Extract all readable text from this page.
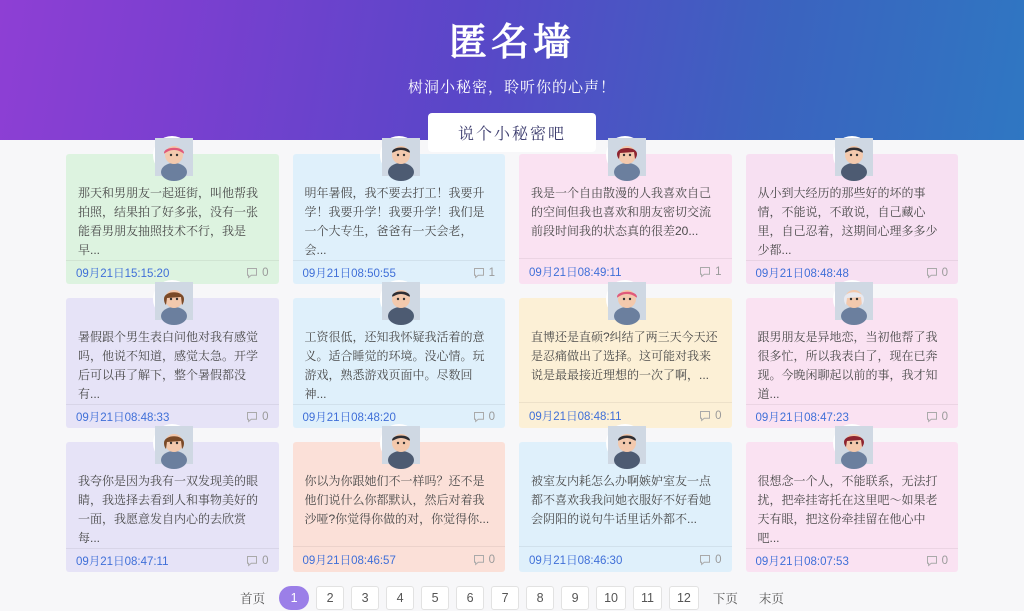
匿名墙
树洞小秘密，聆听你的心声！
说个小秘密吧
那天和男朋友一起逛街，叫他帮我拍照，结果拍了好多张，没有一张能看男朋友抽照技术不行，我是早...
09月21日15:15:20	0
明年暑假，我不要去打工！我要升学！我要升学！我要升学！我们是一个大专生，爸爸有一天会老，会...
09月21日08:50:55	1
我是一个自由散漫的人我喜欢自己的空间但我也喜欢和朋友密切交流前段时间我的状态真的很差20...
09月21日08:49:11	1
从小到大经历的那些好的坏的事情，不能说，不敢说，自己藏心里，自己忍着，这期间心理多多少少都...
09月21日08:48:48	0
暑假跟个男生表白问他对我有感觉吗，他说不知道，感觉太急。开学后可以再了解下，整个暑假都没有...
09月21日08:48:33	0
工资很低，还知我怀疑我活着的意义。适合睡觉的环境。没心情。玩游戏，熟悉游戏页面中。尽数回神...
09月21日08:48:20	0
直博还是直硕?纠结了两三天今天还是忍痛做出了选择。这可能对我来说是最最接近理想的一次了啊，...
09月21日08:48:11	0
跟男朋友是异地恋，当初他帮了我很多忙，所以我表白了，现在已奔现。今晚闲聊起以前的事，我才知道...
09月21日08:47:23	0
我夸你是因为我有一双发现美的眼睛，我选择去看到人和事物美好的一面，我愿意发自内心的去欣赏每...
09月21日08:47:11	0
你以为你跟她们不一样吗？还不是他们说什么你都默认，然后对着我沙哑?你觉得你做的对，你觉得你...
09月21日08:46:57	0
被室友内耗怎么办啊嫉妒室友一点都不喜欢我我问她衣服好不好看她会阴阳的说句牛话里话外都不...
09月21日08:46:30	0
很想念一个人，不能联系，无法打扰，把牵挂寄托在这里吧～如果老天有眼，把这份牵挂留在他心中吧...
09月21日08:07:53	0
首页	1	2	3	4	5	6	7	8	9	10	11	12	下页	末页
